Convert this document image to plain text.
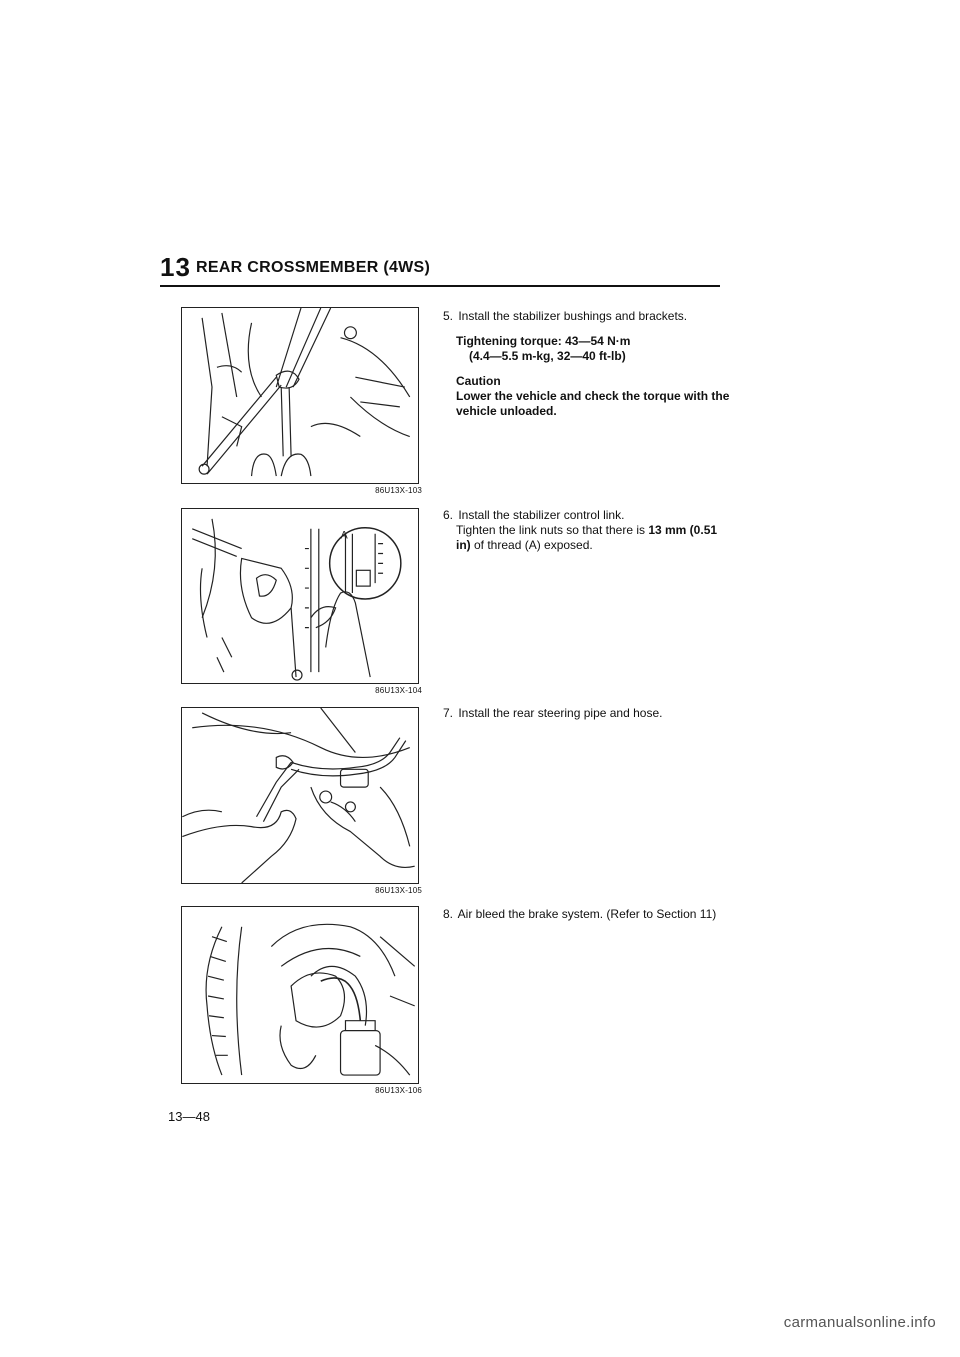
13 REAR CROSSMEMBER (4WS)
86U13X-103
A
86U13X-104
86U13X-105
86U13X-106
5. Install the stabilizer bushings and brackets.
Tightening torque: 43—54 N·m
(4.4—5.5 m-kg, 32—40 ft-lb)
Caution
Lower the vehicle and check the torque with the vehicle unloaded.
6. Install the stabilizer control link.
Tighten the link nuts so that there is 13 mm (0.51 in) of thread (A) exposed.
7. Install the rear steering pipe and hose.
8. Air bleed the brake system. (Refer to Section 11)
13—48
carmanualsonline.info
